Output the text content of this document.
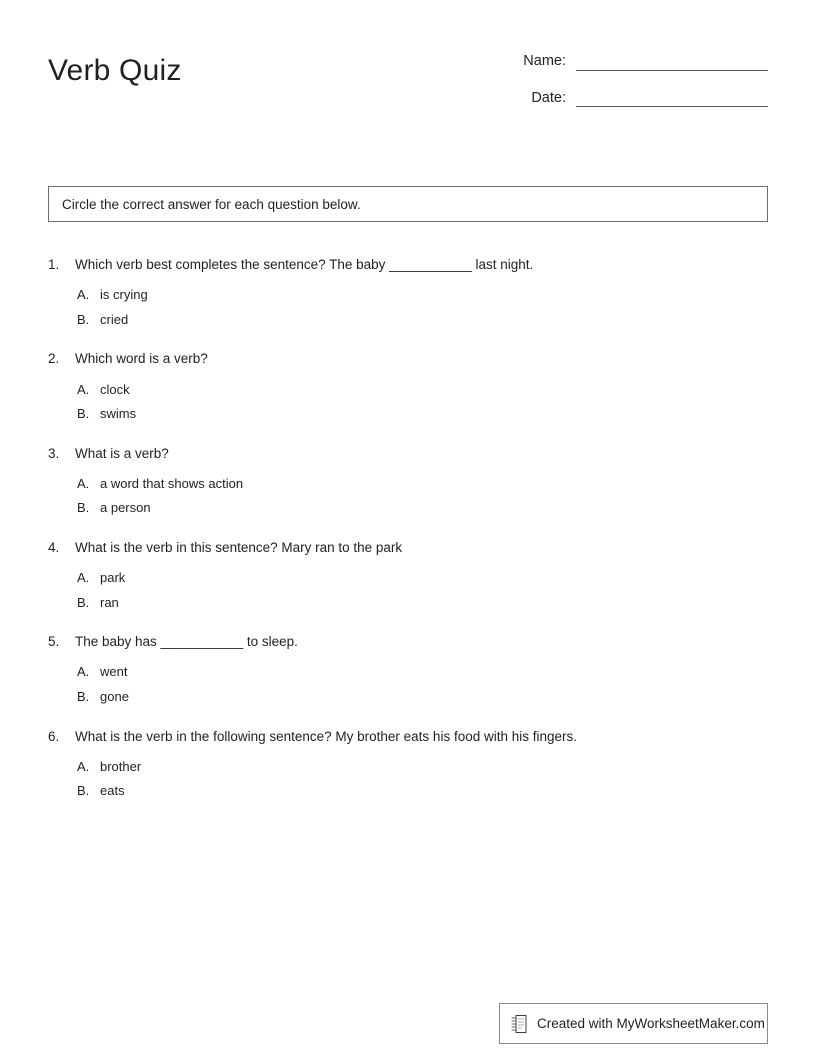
Verb Quiz	Name:
Date:
Circle the correct answer for each question below.
1.	Which verb best completes the sentence? The baby ___________ last night.
A. is crying
B. cried
2.	Which word is a verb?
A. clock
B. swims
3.	What is a verb?
A. a word that shows action
B. a person
4.	What is the verb in this sentence? Mary ran to the park
A. park
B. ran
5.	The baby has ___________ to sleep.
A. went
B. gone
6.	What is the verb in the following sentence? My brother eats his food with his fingers.
A. brother
B. eats
Created with MyWorksheetMaker.com
